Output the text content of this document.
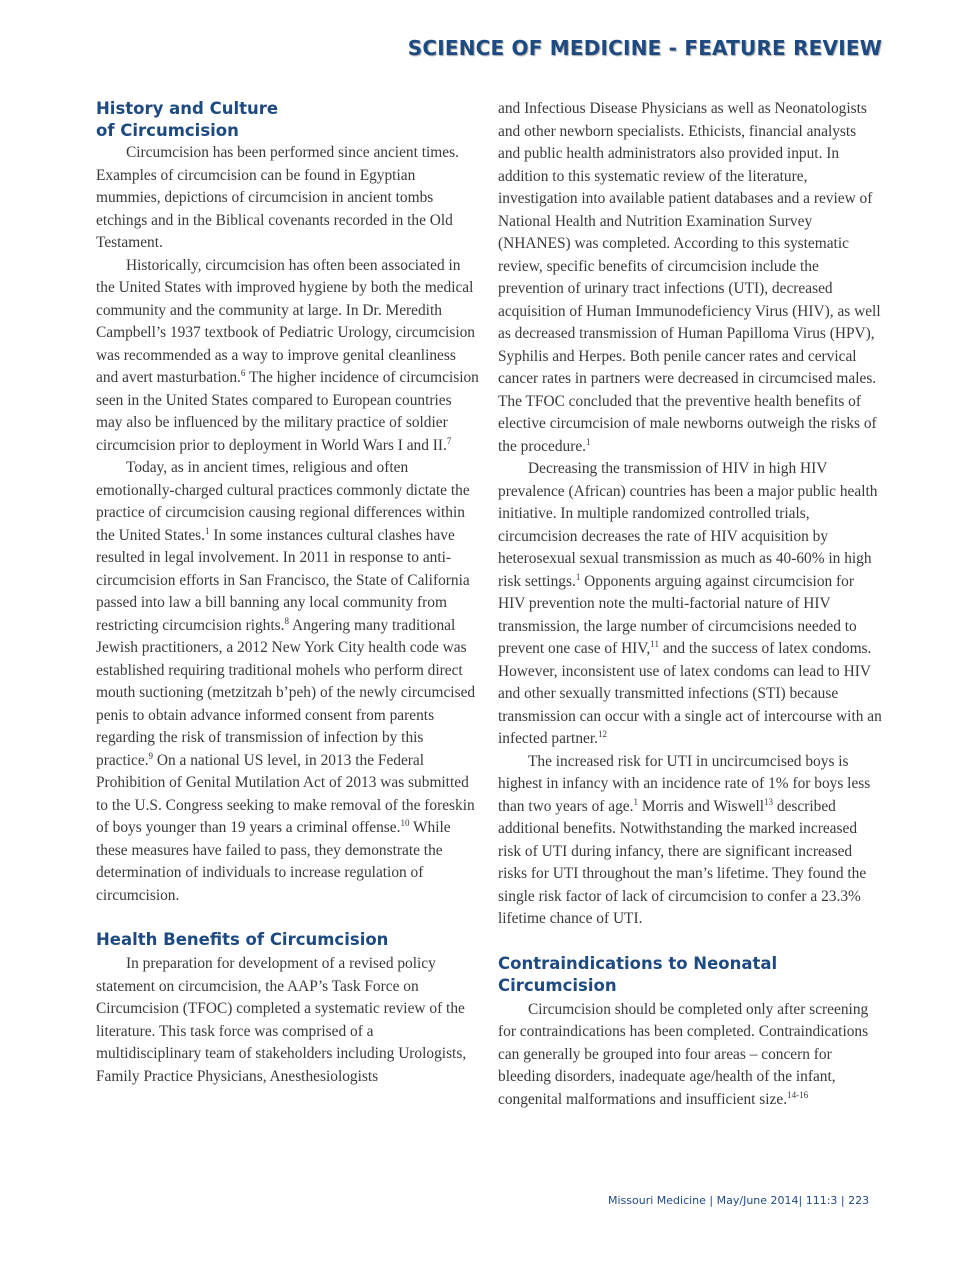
SCIENCE OF MEDICINE - FEATURE REVIEW
History and Culture
of Circumcision

Circumcision has been performed since ancient times. Examples of circumcision can be found in Egyptian mummies, depictions of circumcision in ancient tombs etchings and in the Biblical covenants recorded in the Old Testament.

Historically, circumcision has often been associated in the United States with improved hygiene by both the medical community and the community at large. In Dr. Meredith Campbell’s 1937 textbook of Pediatric Urology, circumcision was recommended as a way to improve genital cleanliness and avert masturbation.$^6$ The higher incidence of circumcision seen in the United States compared to European countries may also be influenced by the military practice of soldier circumcision prior to deployment in World Wars I and II.$^7$

Today, as in ancient times, religious and often emotionally-charged cultural practices commonly dictate the practice of circumcision causing regional differences within the United States.$^1$ In some instances cultural clashes have resulted in legal involvement. In 2011 in response to anti-circumcision efforts in San Francisco, the State of California passed into law a bill banning any local community from restricting circumcision rights.$^8$ Angering many traditional Jewish practitioners, a 2012 New York City health code was established requiring traditional mohels who perform direct mouth suctioning (metzitzah b’peh) of the newly circumcised penis to obtain advance informed consent from parents regarding the risk of transmission of infection by this practice.$^9$ On a national US level, in 2013 the Federal Prohibition of Genital Mutilation Act of 2013 was submitted to the U.S. Congress seeking to make removal of the foreskin of boys younger than 19 years a criminal offense.$^{10}$ While these measures have failed to pass, they demonstrate the determination of individuals to increase regulation of circumcision.

Health Benefits of Circumcision

In preparation for development of a revised policy statement on circumcision, the AAP’s Task Force on Circumcision (TFOC) completed a systematic review of the literature. This task force was comprised of a multidisciplinary team of stakeholders including Urologists, Family Practice Physicians, Anesthesiologists

and Infectious Disease Physicians as well as Neonatologists and other newborn specialists. Ethicists, financial analysts and public health administrators also provided input. In addition to this systematic review of the literature, investigation into available patient databases and a review of National Health and Nutrition Examination Survey (NHANES) was completed. According to this systematic review, specific benefits of circumcision include the prevention of urinary tract infections (UTI), decreased acquisition of Human Immunodeficiency Virus (HIV), as well as decreased transmission of Human Papilloma Virus (HPV), Syphilis and Herpes. Both penile cancer rates and cervical cancer rates in partners were decreased in circumcised males. The TFOC concluded that the preventive health benefits of elective circumcision of male newborns outweigh the risks of the procedure.$^1$

Decreasing the transmission of HIV in high HIV prevalence (African) countries has been a major public health initiative. In multiple randomized controlled trials, circumcision decreases the rate of HIV acquisition by heterosexual sexual transmission as much as 40-60% in high risk settings.$^1$ Opponents arguing against circumcision for HIV prevention note the multi-factorial nature of HIV transmission, the large number of circumcisions needed to prevent one case of HIV,$^{11}$ and the success of latex condoms. However, inconsistent use of latex condoms can lead to HIV and other sexually transmitted infections (STI) because transmission can occur with a single act of intercourse with an infected partner.$^{12}$

The increased risk for UTI in uncircumcised boys is highest in infancy with an incidence rate of 1% for boys less than two years of age.$^1$ Morris and Wiswell$^{13}$ described additional benefits. Notwithstanding the marked increased risk of UTI during infancy, there are significant increased risks for UTI throughout the man’s lifetime. They found the single risk factor of lack of circumcision to confer a 23.3% lifetime chance of UTI.

Contraindications to Neonatal Circumcision

Circumcision should be completed only after screening for contraindications has been completed. Contraindications can generally be grouped into four areas – concern for bleeding disorders, inadequate age/health of the infant, congenital malformations and insufficient size.$^{14-16}$

Missouri Medicine | May/June 2014| 111:3 | 223
